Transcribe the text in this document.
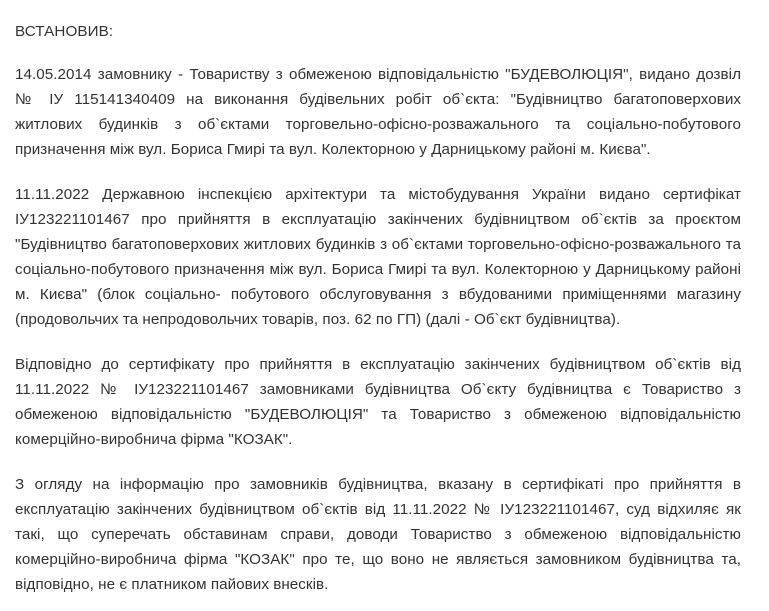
ВСТАНОВИВ:

14.05.2014 замовнику - Товариству з обмеженою відповідальністю "БУДЕВОЛЮЦІЯ", видано дозвіл № ІУ 115141340409 на виконання будівельних робіт об`єкта: "Будівництво багатоповерхових житлових будинків з об`єктами торговельно-офісно-розважального та соціально-побутового призначення між вул. Бориса Гмирі та вул. Колекторною у Дарницькому районі м. Києва".

11.11.2022 Державною інспекцією архітектури та містобудування України видано сертифікат ІУ123221101467 про прийняття в експлуатацію закінчених будівництвом об`єктів за проєктом "Будівництво багатоповерхових житлових будинків з об`єктами торговельно-офісно-розважального та соціально-побутового призначення між вул. Бориса Гмирі та вул. Колекторною у Дарницькому районі м. Києва" (блок соціально- побутового обслуговування з вбудованими приміщеннями магазину (продовольчих та непродовольчих товарів, поз. 62 по ГП) (далі - Об`єкт будівництва).

Відповідно до сертифікату про прийняття в експлуатацію закінчених будівництвом об`єктів від 11.11.2022 № ІУ123221101467 замовниками будівництва Об`єкту будівництва є Товариство з обмеженою відповідальністю "БУДЕВОЛЮЦІЯ" та Товариство з обмеженою відповідальністю комерційно-виробнича фірма "КОЗАК".

З огляду на інформацію про замовників будівництва, вказану в сертифікаті про прийняття в експлуатацію закінчених будівництвом об`єктів від 11.11.2022 № ІУ123221101467, суд відхиляє як такі, що суперечать обставинам справи, доводи Товариство з обмеженою відповідальністю комерційно-виробнича фірма "КОЗАК" про те, що воно не являється замовником будівництва та, відповідно, не є платником пайових внесків.
